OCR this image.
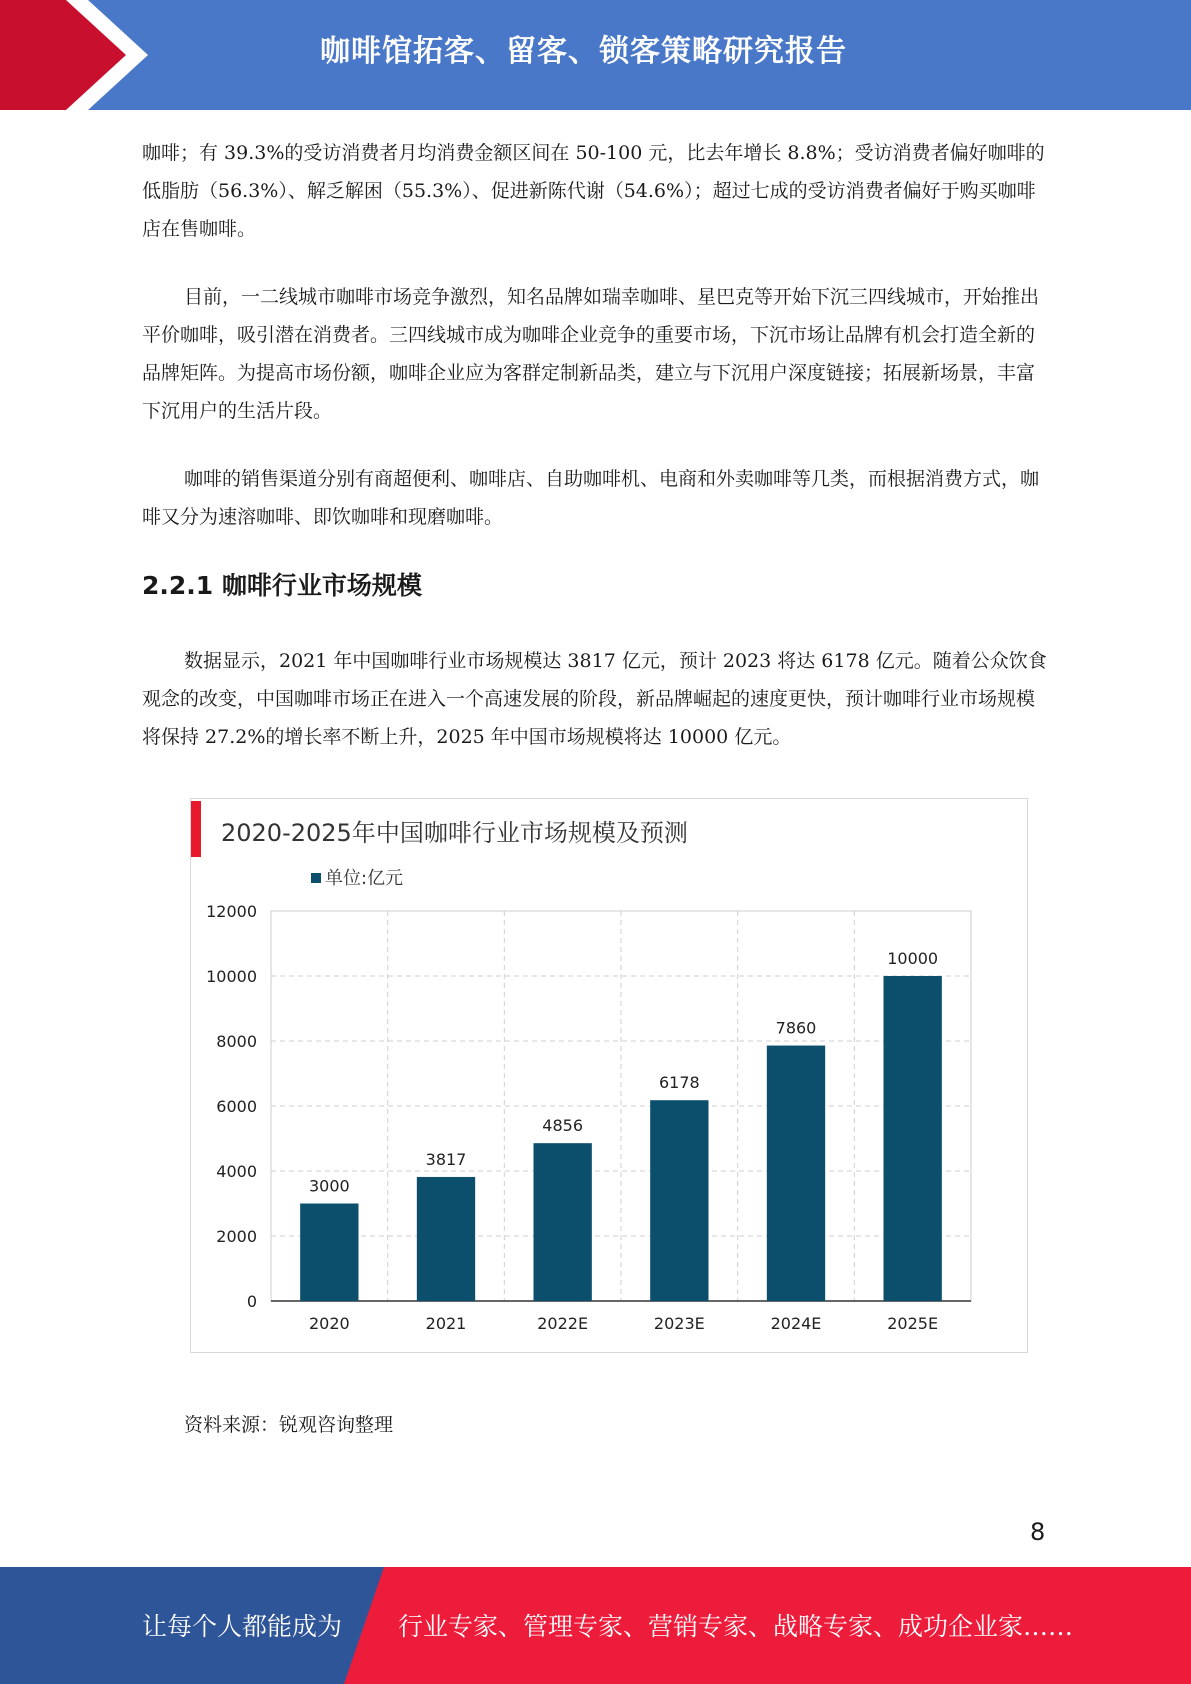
咖啡馆拓客、留客、锁客策略研究报告

咖啡；有 39.3%的受访消费者月均消费金额区间在 50-100 元，比去年增长 8.8%；受访消费者偏好咖啡的低脂肪（56.3%）、解乏解困（55.3%）、促进新陈代谢（54.6%）；超过七成的受访消费者偏好于购买咖啡店在售咖啡。

目前，一二线城市咖啡市场竞争激烈，知名品牌如瑞幸咖啡、星巴克等开始下沉三四线城市，开始推出平价咖啡，吸引潜在消费者。三四线城市成为咖啡企业竞争的重要市场，下沉市场让品牌有机会打造全新的品牌矩阵。为提高市场份额，咖啡企业应为客群定制新品类，建立与下沉用户深度链接；拓展新场景，丰富下沉用户的生活片段。

咖啡的销售渠道分别有商超便利、咖啡店、自助咖啡机、电商和外卖咖啡等几类，而根据消费方式，咖啡又分为速溶咖啡、即饮咖啡和现磨咖啡。

2.2.1 咖啡行业市场规模

数据显示，2021 年中国咖啡行业市场规模达 3817 亿元，预计 2023 将达 6178 亿元。随着公众饮食观念的改变，中国咖啡市场正在进入一个高速发展的阶段，新品牌崛起的速度更快，预计咖啡行业市场规模将保持 27.2%的增长率不断上升，2025 年中国市场规模将达 10000 亿元。

2020-2025年中国咖啡行业市场规模及预测
单位:亿元
0
2000
4000
6000
8000
10000
12000
3000
2020
3817
2021
4856
2022E
6178
2023E
7860
2024E
10000
2025E

资料来源：锐观咨询整理

8
让每个人都能成为 行业专家、管理专家、营销专家、战略专家、成功企业家……
